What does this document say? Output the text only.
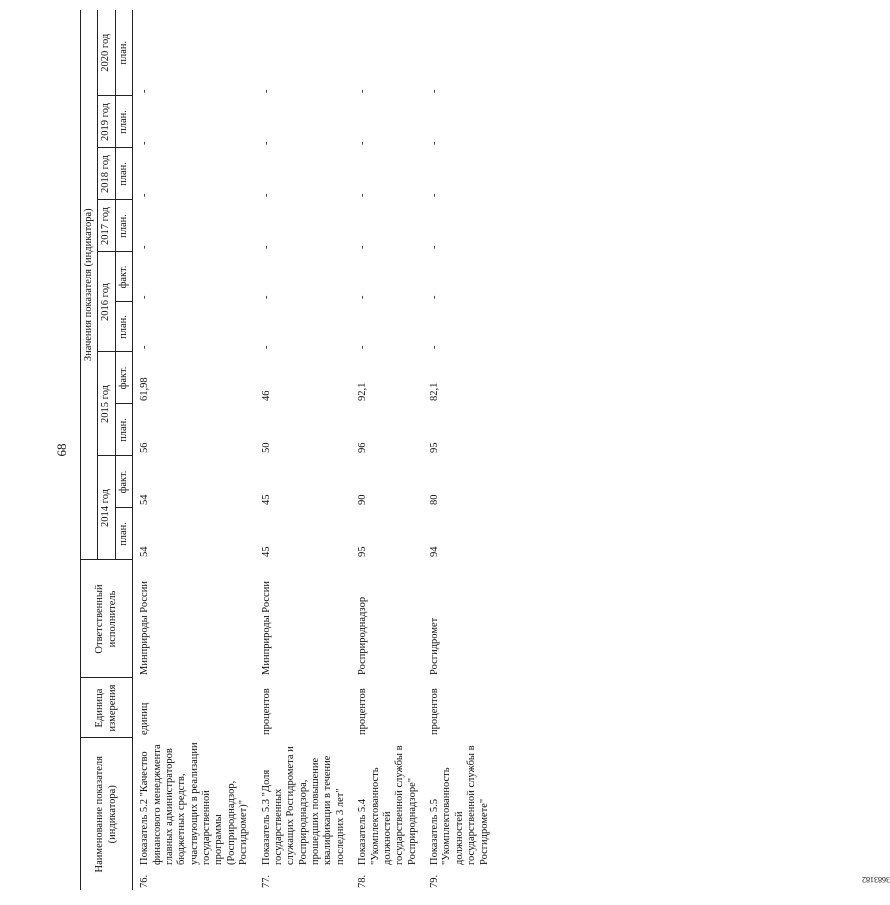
68
Наименование показателя (индикатора)		Единица измерения	Ответственный исполнитель	Значения показателя (индикатора)									
				2014 год		2015 год		2016 год		2017 год	2018 год	2019 год	2020 год
				план.	факт.	план.	факт.	план.	факт.	план.	план.	план.	план.
76.	Показатель 5.2 "Качество финансового менеджмента главных администраторов бюджетных средств, участвующих в реализации государственной программы (Росприроднадзор, Росгидромет)"	единиц	Минприроды России	54	54	56	61,98	-	-	-	-	-	-
77.	Показатель 5.3 "Доля государственных служащих Росгидромета и Росприроднадзора, прошедших повышение квалификации в течение последних 3 лет"	процентов	Минприроды России	45	45	50	46	-	-	-	-	-	-
78.	Показатель 5.4 "Укомплектованность должностей государственной службы в Росприроднадзоре"	процентов	Росприроднадзор	95	90	96	92,1	-	-	-	-	-	-
79.	Показатель 5.5 "Укомплектованность должностей государственной службы в Росгидромете"	процентов	Росгидромет	94	80	95	82,1	-	-	-	-	-	-
3683182
